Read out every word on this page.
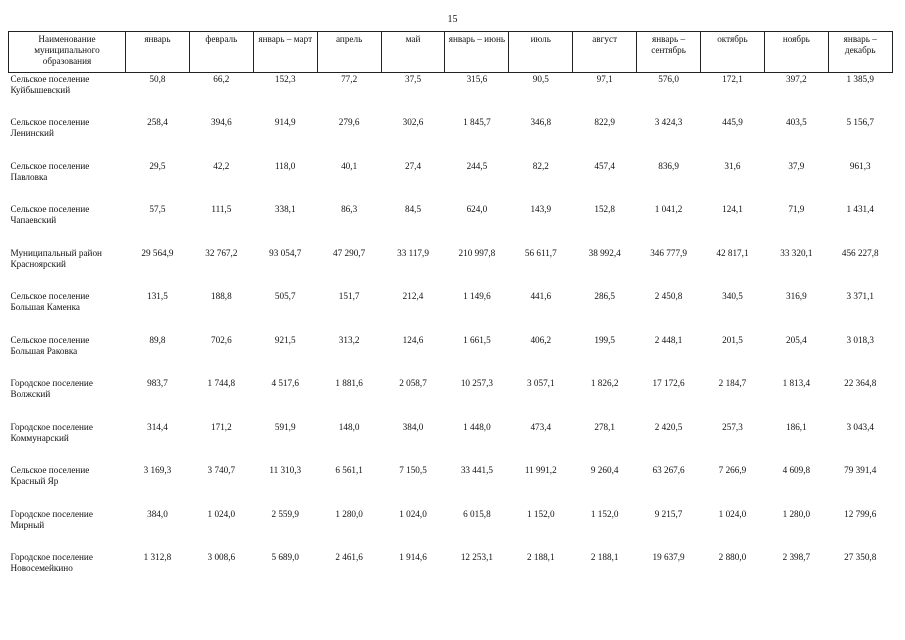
15
Наименование муниципального образования	январь	февраль	январь – март	апрель	май	январь – июнь	июль	август	январь – сентябрь	октябрь	ноябрь	январь – декабрь

Сельское поселение
Куйбышевский	50,8	66,2	152,3	77,2	37,5	315,6	90,5	97,1	576,0	172,1	397,2	1 385,9

Сельское поселение
Ленинский	258,4	394,6	914,9	279,6	302,6	1 845,7	346,8	822,9	3 424,3	445,9	403,5	5 156,7

Сельское поселение
Павловка	29,5	42,2	118,0	40,1	27,4	244,5	82,2	457,4	836,9	31,6	37,9	961,3

Сельское поселение
Чапаевский	57,5	111,5	338,1	86,3	84,5	624,0	143,9	152,8	1 041,2	124,1	71,9	1 431,4

Муниципальный район
Красноярский	29 564,9	32 767,2	93 054,7	47 290,7	33 117,9	210 997,8	56 611,7	38 992,4	346 777,9	42 817,1	33 320,1	456 227,8

Сельское поселение
Большая Каменка	131,5	188,8	505,7	151,7	212,4	1 149,6	441,6	286,5	2 450,8	340,5	316,9	3 371,1

Сельское поселение
Большая Раковка	89,8	702,6	921,5	313,2	124,6	1 661,5	406,2	199,5	2 448,1	201,5	205,4	3 018,3

Городское поселение
Волжский	983,7	1 744,8	4 517,6	1 881,6	2 058,7	10 257,3	3 057,1	1 826,2	17 172,6	2 184,7	1 813,4	22 364,8

Городское поселение
Коммунарский	314,4	171,2	591,9	148,0	384,0	1 448,0	473,4	278,1	2 420,5	257,3	186,1	3 043,4

Сельское поселение
Красный Яр	3 169,3	3 740,7	11 310,3	6 561,1	7 150,5	33 441,5	11 991,2	9 260,4	63 267,6	7 266,9	4 609,8	79 391,4

Городское поселение
Мирный	384,0	1 024,0	2 559,9	1 280,0	1 024,0	6 015,8	1 152,0	1 152,0	9 215,7	1 024,0	1 280,0	12 799,6

Городское поселение
Новосемейкино	1 312,8	3 008,6	5 689,0	2 461,6	1 914,6	12 253,1	2 188,1	2 188,1	19 637,9	2 880,0	2 398,7	27 350,8
